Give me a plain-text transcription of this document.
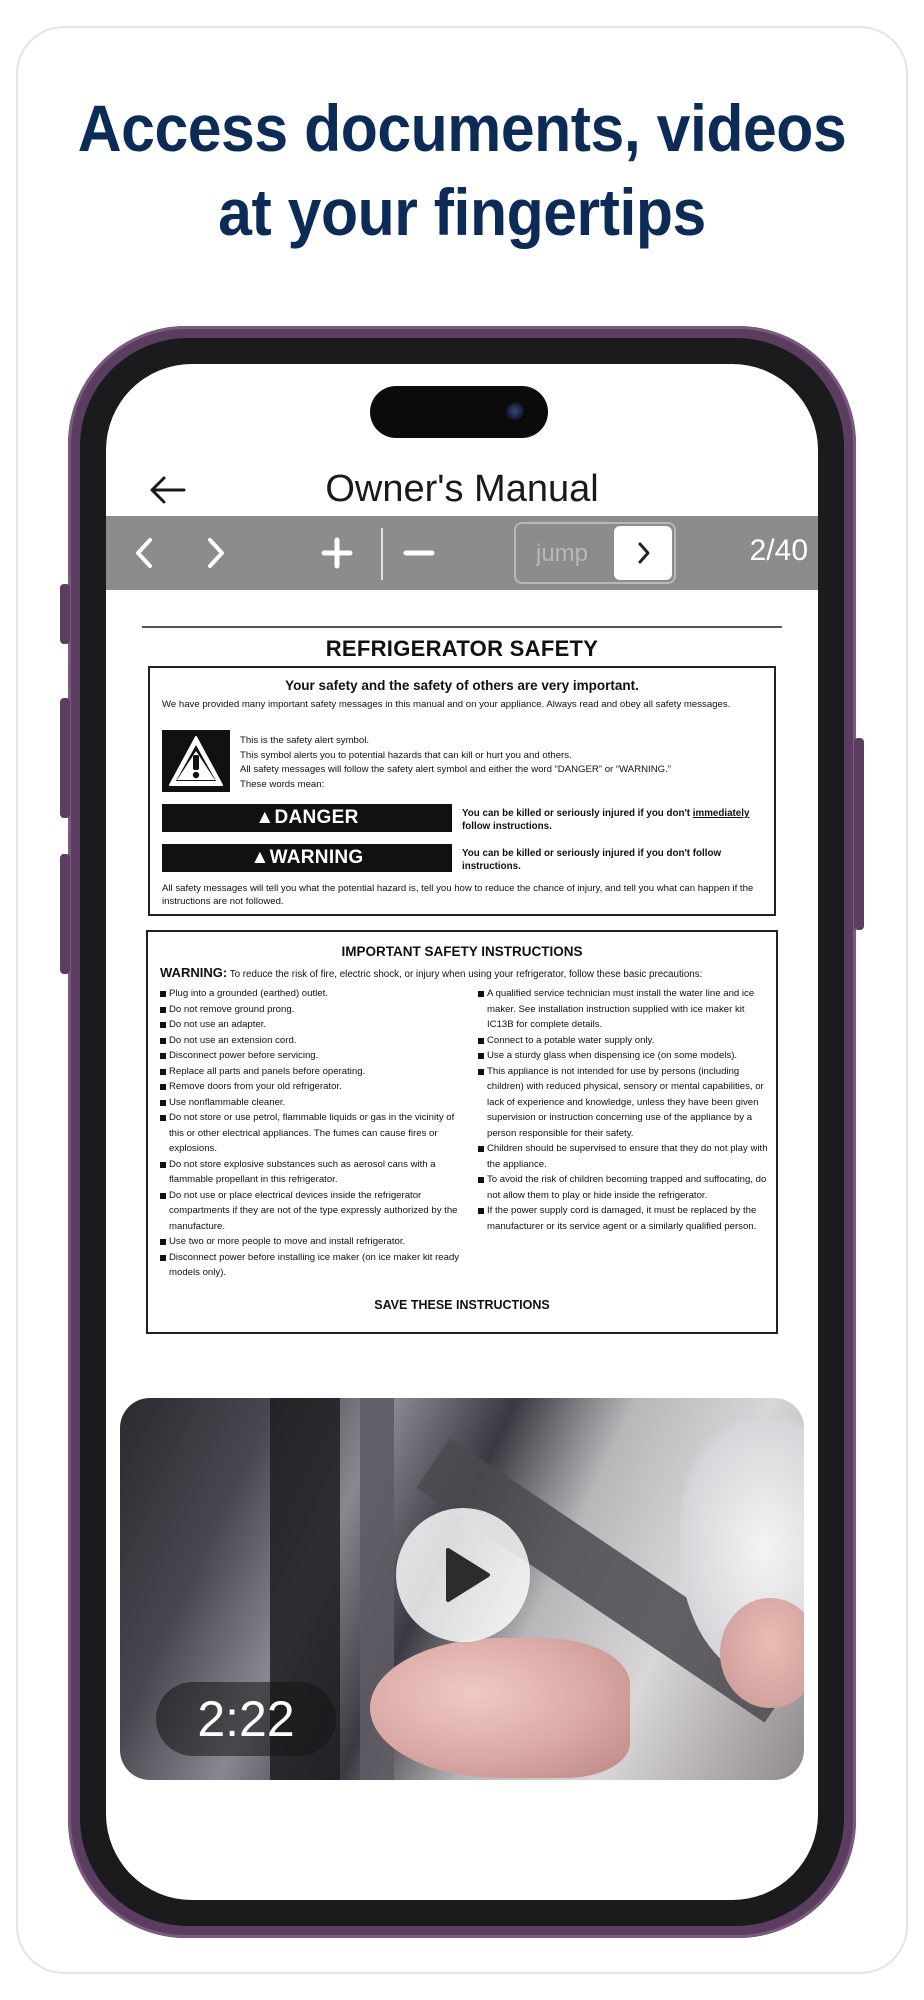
Access documents, videos
at your fingertips
Owner's Manual
jump
2/40
REFRIGERATOR SAFETY
Your safety and the safety of others are very important.
We have provided many important safety messages in this manual and on your appliance. Always read and obey all safety messages.

This is the safety alert symbol.

This symbol alerts you to potential hazards that can kill or hurt you and others.

All safety messages will follow the safety alert symbol and either the word “DANGER” or “WARNING.”

These words mean:

▲DANGER	You can be killed or seriously injured if you don't immediately follow instructions.
▲WARNING	You can be killed or seriously injured if you don't follow instructions.
All safety messages will tell you what the potential hazard is, tell you how to reduce the chance of injury, and tell you what can happen if the instructions are not followed.
IMPORTANT SAFETY INSTRUCTIONS
WARNING: To reduce the risk of fire, electric shock, or injury when using your refrigerator, follow these basic precautions:
Plug into a grounded (earthed) outlet.
Do not remove ground prong.
Do not use an adapter.
Do not use an extension cord.
Disconnect power before servicing.
Replace all parts and panels before operating.
Remove doors from your old refrigerator.
Use nonflammable cleaner.
Do not store or use petrol, flammable liquids or gas in the vicinity of this or other electrical appliances. The fumes can cause fires or explosions.
Do not store explosive substances such as aerosol cans with a flammable propellant in this refrigerator.
Do not use or place electrical devices inside the refrigerator compartments if they are not of the type expressly authorized by the manufacture.
Use two or more people to move and install refrigerator.
Disconnect power before installing ice maker (on ice maker kit ready models only).
A qualified service technician must install the water line and ice maker. See installation instruction supplied with ice maker kit IC13B for complete details.
Connect to a potable water supply only.
Use a sturdy glass when dispensing ice (on some models).
This appliance is not intended for use by persons (including children) with reduced physical, sensory or mental capabilities, or lack of experience and knowledge, unless they have been given supervision or instruction concerning use of the appliance by a person responsible for their safety.
Children should be supervised to ensure that they do not play with the appliance.
To avoid the risk of children becoming trapped and suffocating, do not allow them to play or hide inside the refrigerator.
If the power supply cord is damaged, it must be replaced by the manufacturer or its service agent or a similarly qualified person.
SAVE THESE INSTRUCTIONS
2:22
